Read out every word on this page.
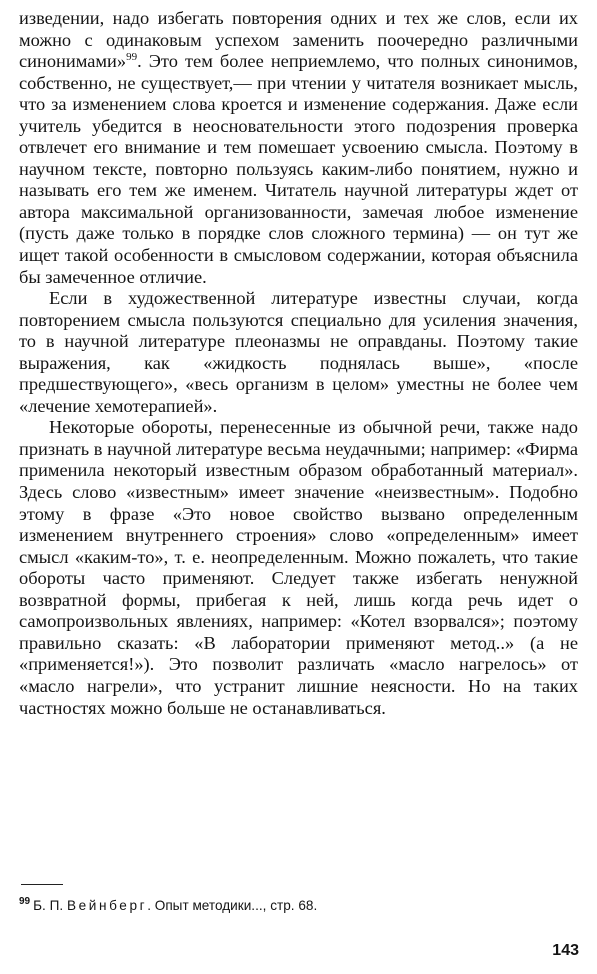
изведении, надо избегать повторения одних и тех же слов, если их можно с одинаковым успехом заменить поочередно различными синонимами»$^{99}$. Это тем более неприемлемо, что полных синонимов, собственно, не существует,— при чтении у читателя возникает мысль, что за изменением слова кроется и изменение содержания. Даже если учитель убедится в неосновательности этого подозрения проверка отвлечет его внимание и тем помешает усвоению смысла. Поэтому в научном тексте, повторно пользуясь каким-либо понятием, нужно и называть его тем же именем. Читатель научной литературы ждет от автора максимальной организованности, замечая любое изменение (пусть даже только в порядке слов сложного термина) — он тут же ищет такой особенности в смысловом содержании, которая объяснила бы замеченное отличие.

Если в художественной литературе известны случаи, когда повторением смысла пользуются специально для усиления значения, то в научной литературе плеоназмы не оправданы. Поэтому такие выражения, как «жидкость поднялась выше», «после предшествующего», «весь организм в целом» уместны не более чем «лечение хемотерапией».

Некоторые обороты, перенесенные из обычной речи, также надо признать в научной литературе весьма неудачными; например: «Фирма применила некоторый известным образом обработанный материал». Здесь слово «известным» имеет значение «неизвестным». Подобно этому в фразе «Это новое свойство вызвано определенным изменением внутреннего строения» слово «определенным» имеет смысл «каким-то», т. е. неопределенным. Можно пожалеть, что такие обороты часто применяют. Следует также избегать ненужной возвратной формы, прибегая к ней, лишь когда речь идет о самопроизвольных явлениях, например: «Котел взорвался»; поэтому правильно сказать: «В лаборатории применяют метод..» (а не «применяется!»). Это позволит различать «масло нагрелось» от «масло нагрели», что устранит лишние неясности. Но на таких частностях можно больше не останавливаться.

$^{99}$ Б. П. Вейнберг. Опыт методики..., стр. 68.

143
